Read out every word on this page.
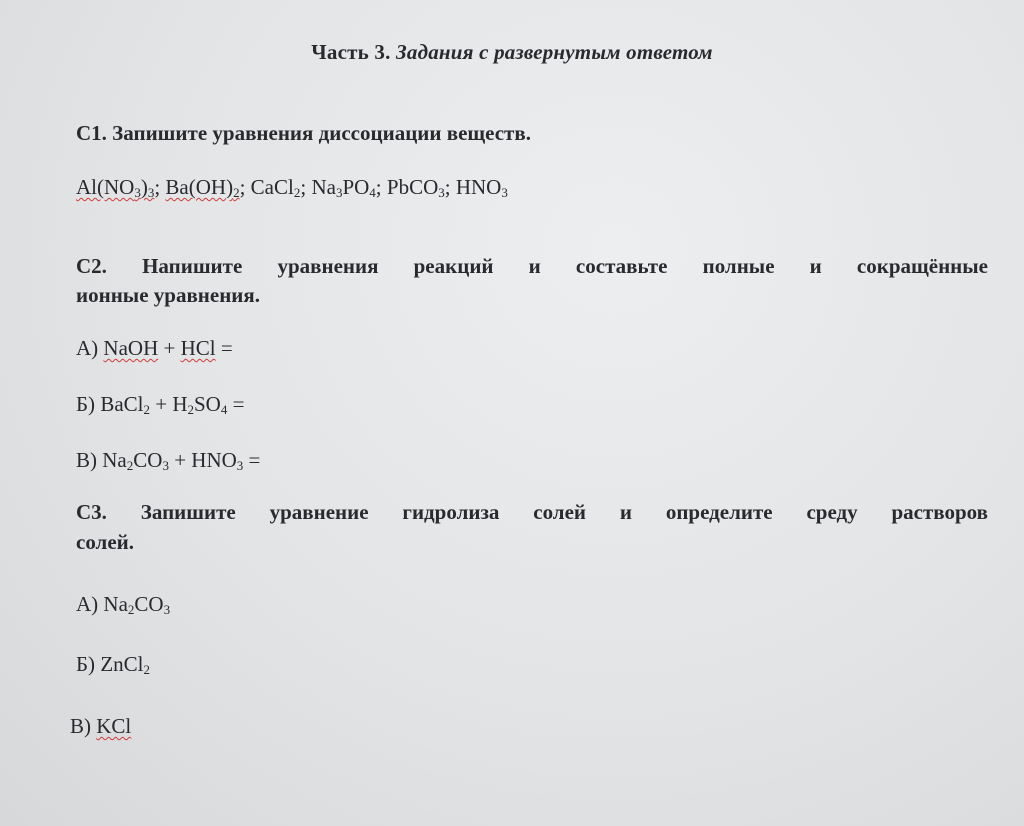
Часть 3. Задания с развернутым ответом
С1. Запишите уравнения диссоциации веществ.
$Al(NO_3)_3$; $Ba(OH)_2$; CaCl$_2$; $Na_3PO_4$; PbCO$_3$; $HNO_3$
С2. Напишите уравнения реакций и составьте полные и сокращённые
ионные уравнения.
А) NaOH + HCl =
Б) BaCl$_2$ + $H_2SO_4$ =
В) $Na_2CO_3 + HNO_3$ =
С3. Запишите уравнение гидролиза солей и определите среду растворов
солей.
А) $Na_2CO_3$
Б) ZnCl$_2$
В) KCl
